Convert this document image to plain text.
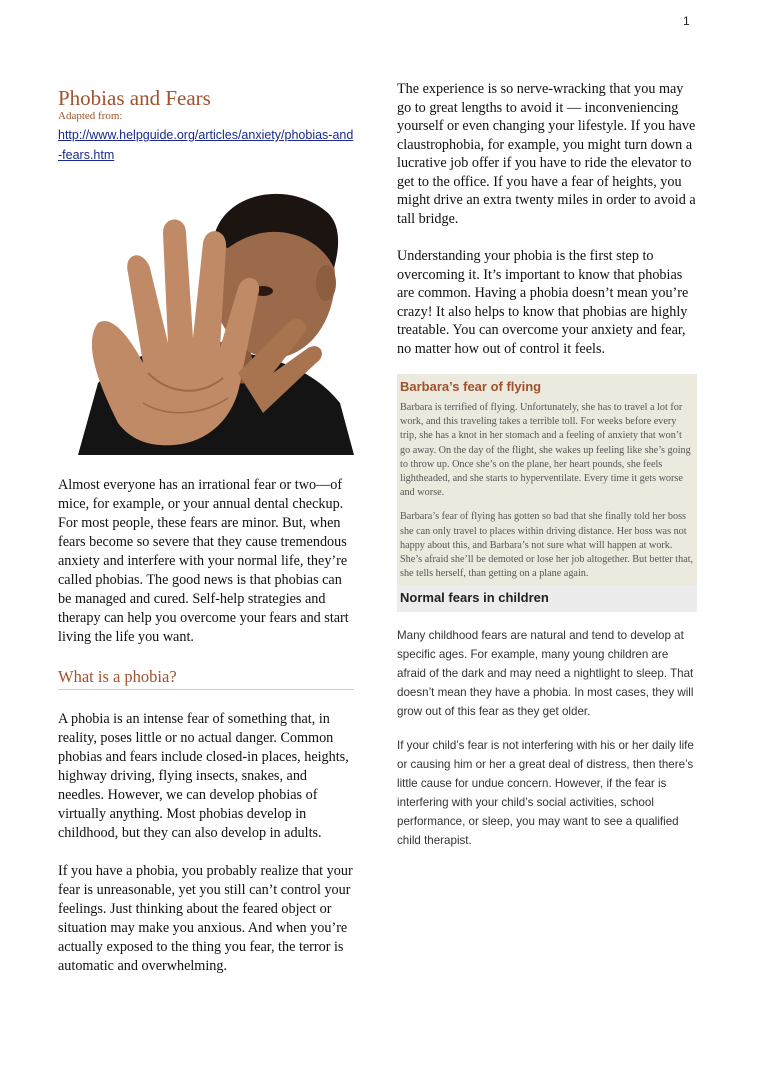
1
Phobias and Fears

Adapted from:

http://www.helpguide.org/articles/anxiety/phobias-and-fears.htm

Almost everyone has an irrational fear or two—of mice, for example, or your annual dental checkup. For most people, these fears are minor. But, when fears become so severe that they cause tremendous anxiety and interfere with your normal life, they’re called phobias. The good news is that phobias can be managed and cured. Self-help strategies and therapy can help you overcome your fears and start living the life you want.

What is a phobia?

A phobia is an intense fear of something that, in reality, poses little or no actual danger. Common phobias and fears include closed-in places, heights, highway driving, flying insects, snakes, and needles. However, we can develop phobias of virtually anything. Most phobias develop in childhood, but they can also develop in adults.

If you have a phobia, you probably realize that your fear is unreasonable, yet you still can’t control your feelings. Just thinking about the feared object or situation may make you anxious. And when you’re actually exposed to the thing you fear, the terror is automatic and overwhelming.

The experience is so nerve-wracking that you may go to great lengths to avoid it — inconveniencing yourself or even changing your lifestyle. If you have claustrophobia, for example, you might turn down a lucrative job offer if you have to ride the elevator to get to the office. If you have a fear of heights, you might drive an extra twenty miles in order to avoid a tall bridge.

Understanding your phobia is the first step to overcoming it. It’s important to know that phobias are common. Having a phobia doesn’t mean you’re crazy! It also helps to know that phobias are highly treatable. You can overcome your anxiety and fear, no matter how out of control it feels.

Barbara’s fear of flying

Barbara is terrified of flying. Unfortunately, she has to travel a lot for work, and this traveling takes a terrible toll. For weeks before every trip, she has a knot in her stomach and a feeling of anxiety that won’t go away. On the day of the flight, she wakes up feeling like she’s going to throw up. Once she’s on the plane, her heart pounds, she feels lightheaded, and she starts to hyperventilate. Every time it gets worse and worse.

Barbara’s fear of flying has gotten so bad that she finally told her boss she can only travel to places within driving distance. Her boss was not happy about this, and Barbara’s not sure what will happen at work. She’s afraid she’ll be demoted or lose her job altogether. But better that, she tells herself, than getting on a plane again.

Normal fears in children

Many childhood fears are natural and tend to develop at specific ages. For example, many young children are afraid of the dark and may need a nightlight to sleep. That doesn’t mean they have a phobia. In most cases, they will grow out of this fear as they get older.

If your child’s fear is not interfering with his or her daily life or causing him or her a great deal of distress, then there’s little cause for undue concern. However, if the fear is interfering with your child’s social activities, school performance, or sleep, you may want to see a qualified child therapist.
